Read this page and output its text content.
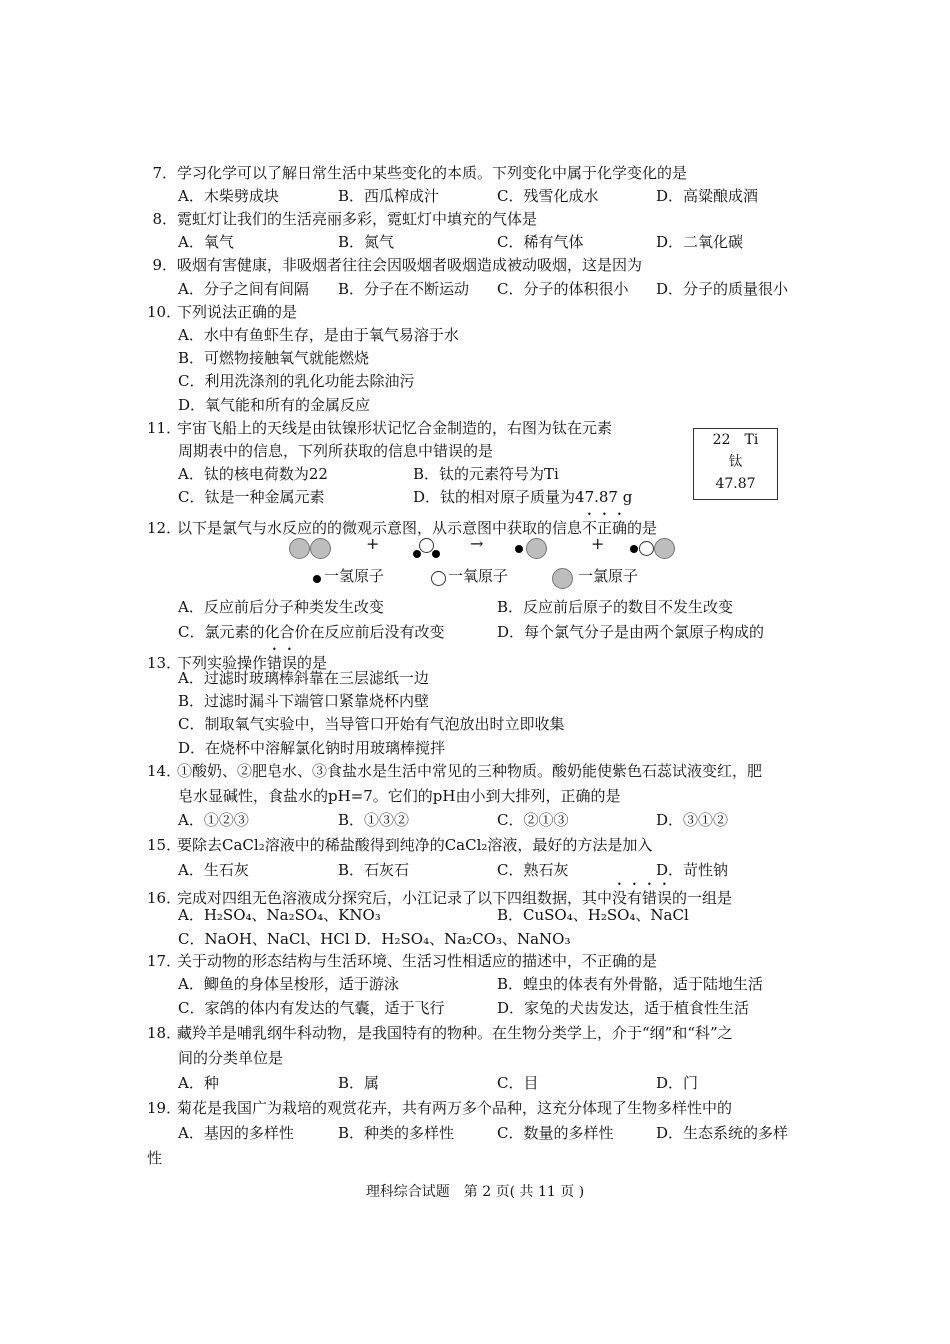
7．学习化学可以了解日常生活中某些变化的本质。下列变化中属于化学变化的是
A．木柴劈成块	B．西瓜榨成汁	C．残雪化成水	D．高粱酿成酒
8．霓虹灯让我们的生活亮丽多彩，霓虹灯中填充的气体是
A．氧气	B．氮气	C．稀有气体	D．二氧化碳
9．吸烟有害健康，非吸烟者往往会因吸烟者吸烟造成被动吸烟，这是因为
A．分子之间有间隔 B．分子在不断运动 C．分子的体积很小 D．分子的质量很小
10．下列说法正确的是
A．水中有鱼虾生存，是由于氧气易溶于水
B．可燃物接触氧气就能燃烧
C．利用洗涤剂的乳化功能去除油污
D．氧气能和所有的金属反应
11．宇宙飞船上的天线是由钛镍形状记忆合金制造的，右图为钛在元素
周期表中的信息，下列所获取的信息中错误的是
A．钛的核电荷数为22	B．钛的元素符号为Ti
C．钛是一种金属元素	D．钛的相对原子质量为47.87 g
22　Ti
钛
47.87
12．以下是氯气与水反应的的微观示意图，从示意图中获取的信息不正确的是
+	→	+
一氢原子	一氧原子	一氯原子
A．反应前后分子种类发生改变	B．反应前后原子的数目不发生改变
C．氯元素的化合价在反应前后没有改变	D．每个氯气分子是由两个氯原子构成的
13．下列实验操作错误的是
A．过滤时玻璃棒斜靠在三层滤纸一边
B．过滤时漏斗下端管口紧靠烧杯内壁
C．制取氧气实验中，当导管口开始有气泡放出时立即收集
D．在烧杯中溶解氯化钠时用玻璃棒搅拌
14．①酸奶、②肥皂水、③食盐水是生活中常见的三种物质。酸奶能使紫色石蕊试液变红，肥
皂水显碱性，食盐水的pH=7。它们的pH由小到大排列，正确的是
A．①②③	B．①③②	C．②①③	D．③①②
15．要除去CaCl₂溶液中的稀盐酸得到纯净的CaCl₂溶液，最好的方法是加入
A．生石灰	B．石灰石	C．熟石灰	D．苛性钠
16．完成对四组无色溶液成分探究后，小江记录了以下四组数据，其中没有错误的一组是
A．H₂SO₄、Na₂SO₄、KNO₃	B．CuSO₄、H₂SO₄、NaCl
C．NaOH、NaCl、HCl D．H₂SO₄、Na₂CO₃、NaNO₃
17．关于动物的形态结构与生活环境、生活习性相适应的描述中，不正确的是
A．鲫鱼的身体呈梭形，适于游泳	B．蝗虫的体表有外骨骼，适于陆地生活
C．家鸽的体内有发达的气囊，适于飞行	D．家兔的犬齿发达，适于植食性生活
18．藏羚羊是哺乳纲牛科动物，是我国特有的物种。在生物分类学上，介于“纲”和“科”之
间的分类单位是
A．种	B．属	C．目	D．门
19．菊花是我国广为栽培的观赏花卉，共有两万多个品种，这充分体现了生物多样性中的
A．基因的多样性	B．种类的多样性	C．数量的多样性	D．生态系统的多样
性
理科综合试题　第 2 页( 共 11 页 )
